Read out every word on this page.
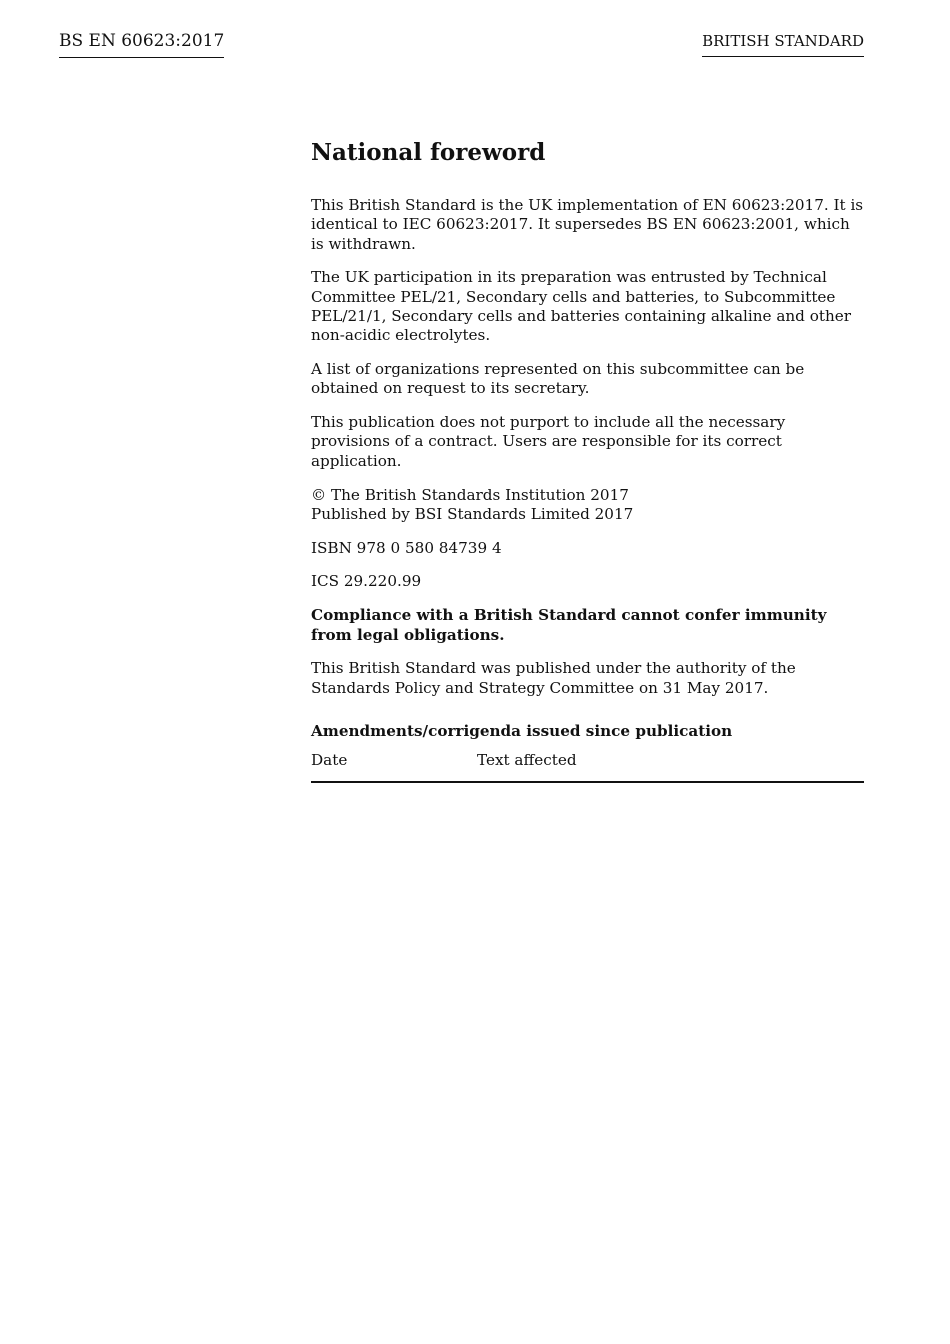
BS EN 60623:2017	BRITISH STANDARD
National foreword

This British Standard is the UK implementation of EN 60623:2017. It is identical to IEC 60623:2017. It supersedes BS EN 60623:2001, which is withdrawn.

The UK participation in its preparation was entrusted by Technical Committee PEL/21, Secondary cells and batteries, to Subcommittee PEL/21/1, Secondary cells and batteries containing alkaline and other non-acidic electrolytes.

A list of organizations represented on this subcommittee can be obtained on request to its secretary.

This publication does not purport to include all the necessary provisions of a contract. Users are responsible for its correct application.

© The British Standards Institution 2017
Published by BSI Standards Limited 2017

ISBN 978 0 580 84739 4

ICS 29.220.99

Compliance with a British Standard cannot confer immunity from legal obligations.

This British Standard was published under the authority of the Standards Policy and Strategy Committee on 31 May 2017.

Amendments/corrigenda issued since publication
Date	Text affected
